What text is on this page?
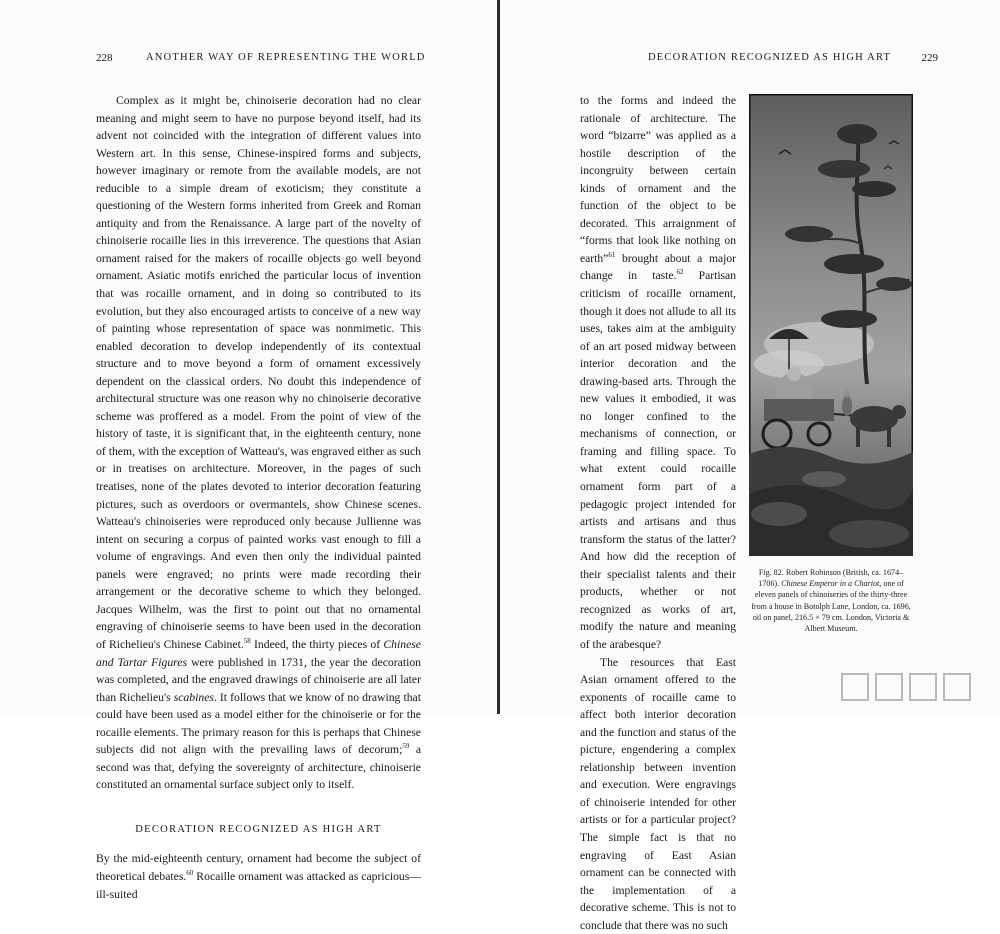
228	ANOTHER WAY OF REPRESENTING THE WORLD

Complex as it might be, chinoiserie decoration had no clear meaning and might seem to have no purpose beyond itself, had its advent not coincided with the integration of different values into Western art. In this sense, Chinese-inspired forms and subjects, however imaginary or remote from the available models, are not reducible to a simple dream of exoticism; they constitute a questioning of the Western forms inherited from Greek and Roman antiquity and from the Renaissance. A large part of the novelty of chinoiserie rocaille lies in this irreverence. The questions that Asian ornament raised for the makers of rocaille objects go well beyond ornament. Asiatic motifs enriched the particular locus of invention that was rocaille ornament, and in doing so contributed to its evolution, but they also encouraged artists to conceive of a new way of painting whose representation of space was nonmimetic. This enabled decoration to develop independently of its contextual structure and to move beyond a form of ornament excessively dependent on the classical orders. No doubt this independence of architectural structure was one reason why no chinoiserie decorative scheme was proffered as a model. From the point of view of the history of taste, it is significant that, in the eighteenth century, none of them, with the exception of Watteau's, was engraved either as such or in treatises on architecture. Moreover, in the pages of such treatises, none of the plates devoted to interior decoration featuring pictures, such as overdoors or overmantels, show Chinese scenes. Watteau's chinoiseries were reproduced only because Jullienne was intent on securing a corpus of painted works vast enough to fill a volume of engravings. And even then only the individual painted panels were engraved; no prints were made recording their arrangement or the decorative scheme to which they belonged. Jacques Wilhelm, was the first to point out that no ornamental engraving of chinoiserie seems to have been used in the decoration of Richelieu's Chinese Cabinet.$^{58}$ Indeed, the thirty pieces of Chinese and Tartar Figures were published in 1731, the year the decoration was completed, and the engraved drawings of chinoiserie are all later than Richelieu's scabines. It follows that we know of no drawing that could have been used as a model either for the chinoiserie or for the rocaille elements. The primary reason for this is perhaps that Chinese subjects did not align with the prevailing laws of decorum;$^{59}$ a second was that, defying the sovereignty of architecture, chinoiserie constituted an ornamental surface subject only to itself.

DECORATION RECOGNIZED AS HIGH ART

By the mid-eighteenth century, ornament had become the subject of theoretical debates.$^{60}$ Rocaille ornament was attacked as capricious—ill-suited

DECORATION RECOGNIZED AS HIGH ART	229

to the forms and indeed the rationale of architecture. The word “bizarre” was applied as a hostile description of the incongruity between certain kinds of ornament and the function of the object to be decorated. This arraignment of “forms that look like nothing on earth”$^{61}$ brought about a major change in taste.$^{62}$ Partisan criticism of rocaille ornament, though it does not allude to all its uses, takes aim at the ambiguity of an art posed midway between interior decoration and the drawing-based arts. Through the new values it embodied, it was no longer confined to the mechanisms of connection, or framing and filling space. To what extent could rocaille ornament form part of a pedagogic project intended for artists and artisans and thus transform the status of the latter? And how did the reception of their specialist talents and their products, whether or not recognized as works of art, modify the nature and meaning of the arabesque?

The resources that East Asian ornament offered to the exponents of rocaille came to affect both interior decoration and the function and status of the picture, engendering a complex relationship between invention and execution. Were engravings of chinoiserie intended for other artists or for a particular project? The simple fact is that no engraving of East Asian ornament can be connected with the implementation of a decorative scheme. This is not to conclude that there was no such

Fig. 82. Robert Robinson (British, ca. 1674–1706). Chinese Emperor in a Chariot, one of eleven panels of chinoiseries of the thirty-three from a house in Botolph Lane, London, ca. 1696, oil on panel, 216.5 × 79 cm. London, Victoria & Albert Museum.
